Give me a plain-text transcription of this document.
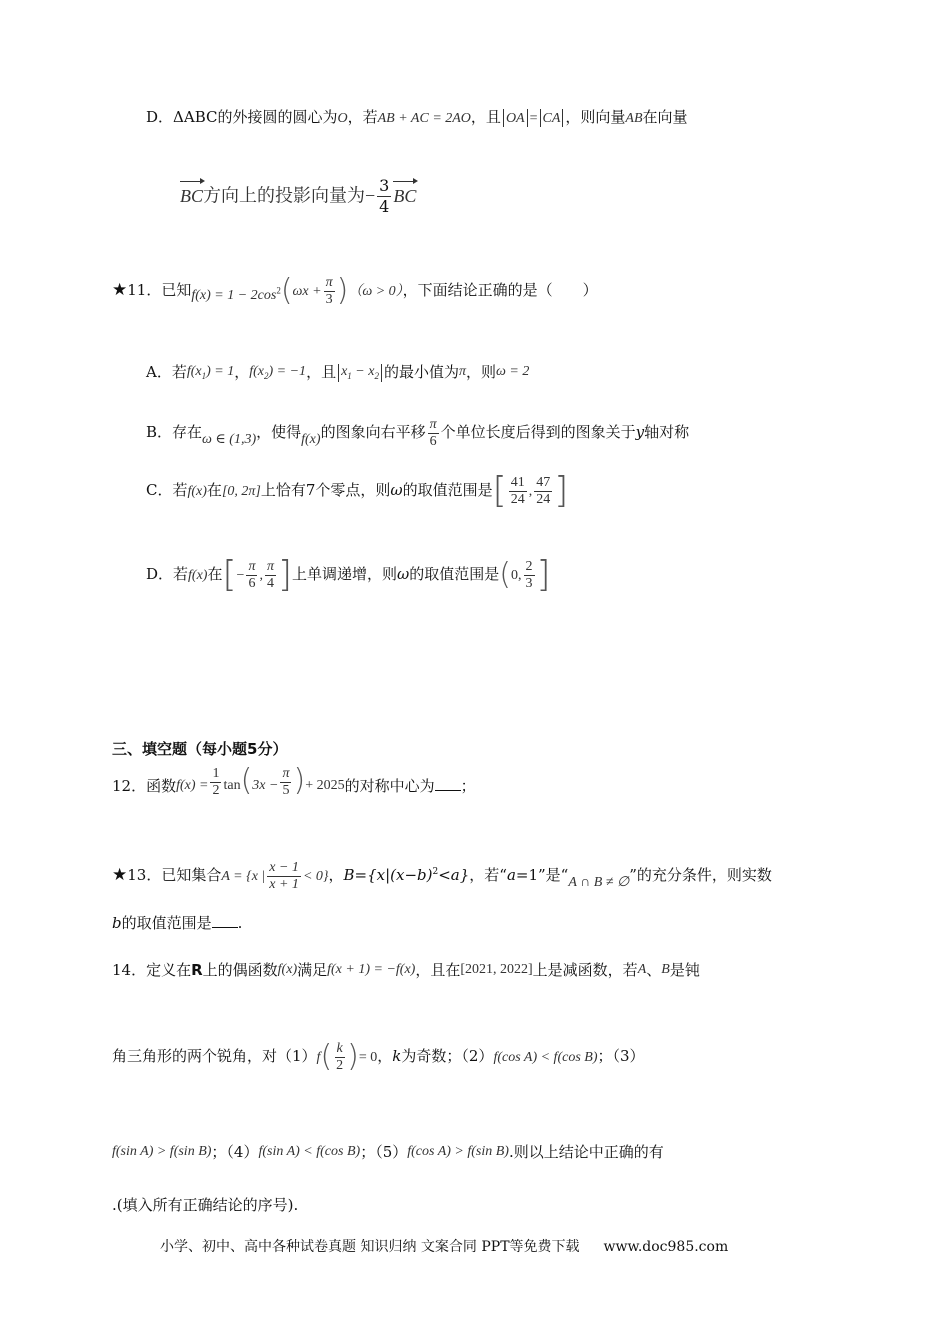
D．ΔABC的外接圆的圆心为O，若AB + AC = 2AO，且 OA = CA ，则向量AB在向量
BC方向上的投影向量为− $\frac{3}{4}$ BC
★11．已知$f(x) = 1 - 2\cos^2(\omega x + \frac{\pi}{3} )(\omega > 0)$，下面结论正确的是（　　）
A．若$f(x_1) = 1$，$f(x_2) = -1$，且 $x_1 - x_2$ 的最小值为π，则ω = 2
B．存在ω ∈ (1,3)，使得f(x)的图象向右平移 $\frac{\pi}{6}$ 个单位长度后得到的图象关于y轴对称
C．若f(x)在[0, 2π]上恰有7个零点，则ω的取值范围是[ $\frac{41}{24}$ , $\frac{47}{24}$ ]
D．若f(x)在[− $\frac{\pi}{6}$ , $\frac{\pi}{4}$ ]上单调递增，则ω的取值范围是(0, $\frac{2}{3}$ ]
三、填空题（每小题5分）
12．函数$f(x) = \frac{1}{2} \tan(3x - \frac{\pi}{5}$ )+ 2025的对称中心为 ；
★13．已知集合A = {x | $\frac{x - 1}{x + 1} < 0$}，$B=\{x|(x-b)^2<a\}$，若“a=1”是“A ∩ B ≠ ∅”的充分条件，则实数
b的取值范围是 .
14．定义在R上的偶函数f(x)满足f(x + 1) = −f(x)，且在[2021, 2022]上是减函数，若A、B是钝
角三角形的两个锐角，对$(1)f( \frac{k}{2}$ )= 0，k为奇数；（2）f(cos A) < f(cos B)；（3）
f(sin A) > f(sin B)；（4）f(sin A) < f(cos B)；（5）f(cos A) > f(sin B).则以上结论中正确的有
.(填入所有正确结论的序号).
小学、初中、高中各种试卷真题 知识归纳 文案合同 PPT等免费下载 www.doc985.com
